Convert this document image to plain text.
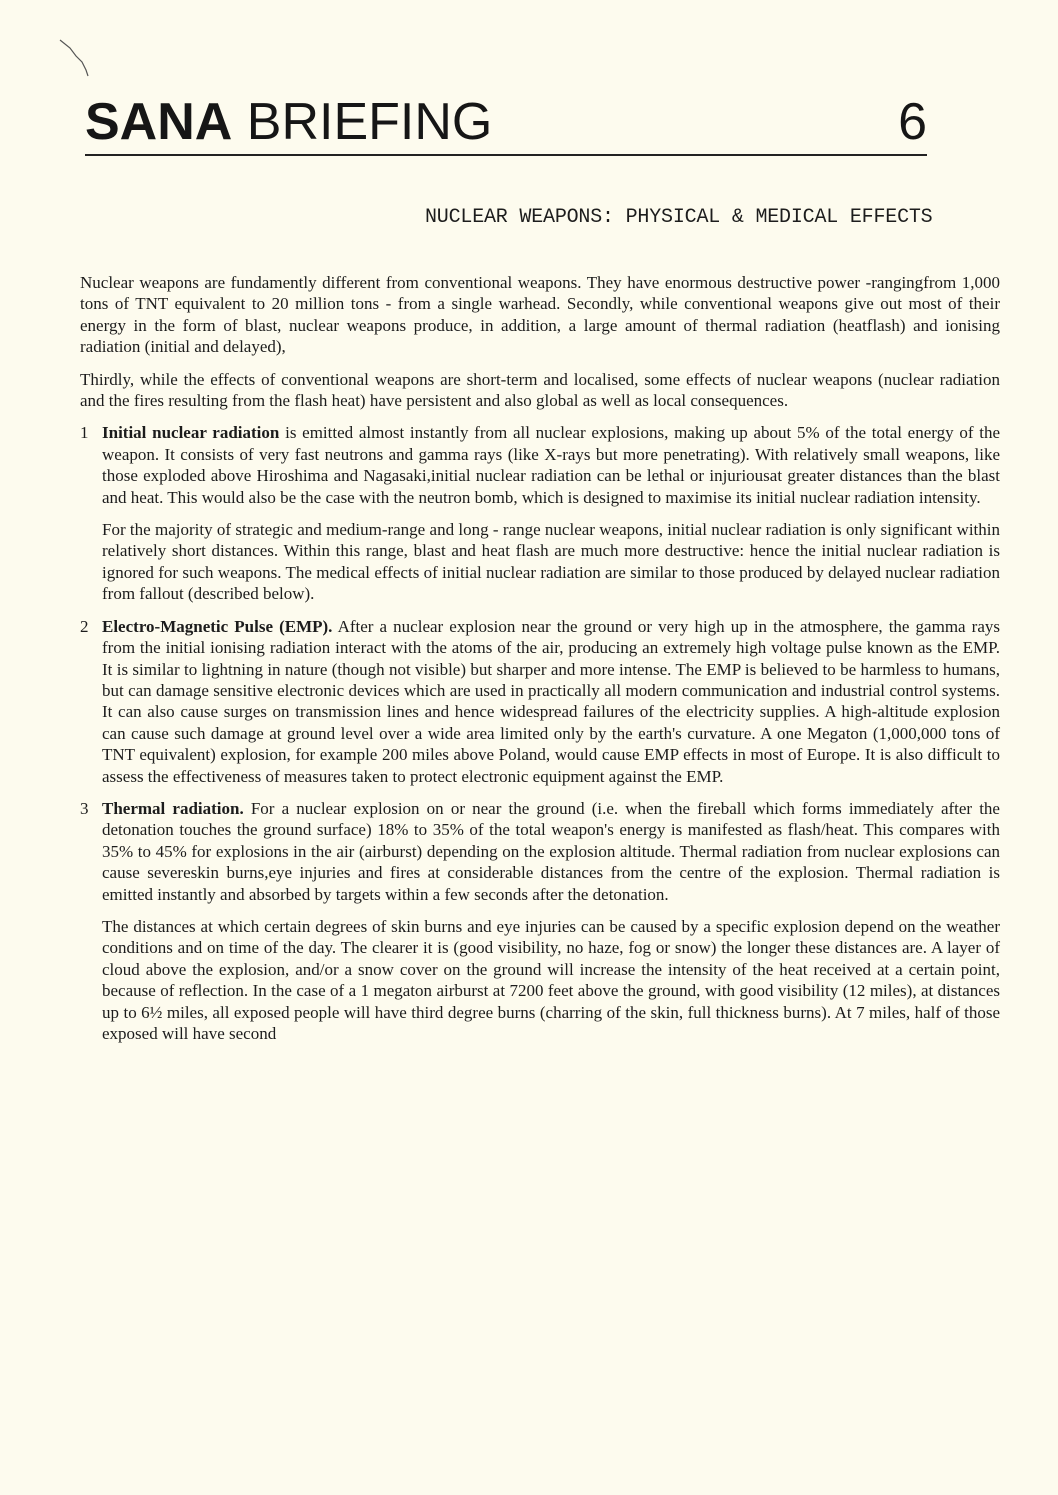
SANA BRIEFING	6
NUCLEAR WEAPONS: PHYSICAL & MEDICAL EFFECTS

Nuclear weapons are fundamently different from conventional weapons. They have enormous destructive power -rangingfrom 1,000 tons of TNT equivalent to 20 million tons - from a single warhead. Secondly, while conventional weapons give out most of their energy in the form of blast, nuclear weapons produce, in addition, a large amount of thermal radiation (heatflash) and ionising radiation (initial and delayed),

Thirdly, while the effects of conventional weapons are short-term and localised, some effects of nuclear weapons (nuclear radiation and the fires resulting from the flash heat) have persistent and also global as well as local consequences.

1 Initial nuclear radiation is emitted almost instantly from all nuclear explosions, making up about 5% of the total energy of the weapon. It consists of very fast neutrons and gamma rays (like X-rays but more penetrating). With relatively small weapons, like those exploded above Hiroshima and Nagasaki,initial nuclear radiation can be lethal or injuriousat greater distances than the blast and heat. This would also be the case with the neutron bomb, which is designed to maximise its initial nuclear radiation intensity.

For the majority of strategic and medium-range and long - range nuclear weapons, initial nuclear radiation is only significant within relatively short distances. Within this range, blast and heat flash are much more destructive: hence the initial nuclear radiation is ignored for such weapons. The medical effects of initial nuclear radiation are similar to those produced by delayed nuclear radiation from fallout (described below).

2 Electro-Magnetic Pulse (EMP). After a nuclear explosion near the ground or very high up in the atmosphere, the gamma rays from the initial ionising radiation interact with the atoms of the air, producing an extremely high voltage pulse known as the EMP. It is similar to lightning in nature (though not visible) but sharper and more intense. The EMP is believed to be harmless to humans, but can damage sensitive electronic devices which are used in practically all modern communication and industrial control systems. It can also cause surges on transmission lines and hence widespread failures of the electricity supplies. A high-altitude explosion can cause such damage at ground level over a wide area limited only by the earth's curvature. A one Megaton (1,000,000 tons of TNT equivalent) explosion, for example 200 miles above Poland, would cause EMP effects in most of Europe. It is also difficult to assess the effectiveness of measures taken to protect electronic equipment against the EMP.
3 Thermal radiation. For a nuclear explosion on or near the ground (i.e. when the fireball which forms immediately after the detonation touches the ground surface) 18% to 35% of the total weapon's energy is manifested as flash/heat. This compares with 35% to 45% for explosions in the air (airburst) depending on the explosion altitude. Thermal radiation from nuclear explosions can cause severeskin burns,eye injuries and fires at considerable distances from the centre of the explosion. Thermal radiation is emitted instantly and absorbed by targets within a few seconds after the detonation.

The distances at which certain degrees of skin burns and eye injuries can be caused by a specific explosion depend on the weather conditions and on time of the day. The clearer it is (good visibility, no haze, fog or snow) the longer these distances are. A layer of cloud above the explosion, and/or a snow cover on the ground will increase the intensity of the heat received at a certain point, because of reflection. In the case of a 1 megaton airburst at 7200 feet above the ground, with good visibility (12 miles), at distances up to 6½ miles, all exposed people will have third degree burns (charring of the skin, full thickness burns). At 7 miles, half of those exposed will have second
